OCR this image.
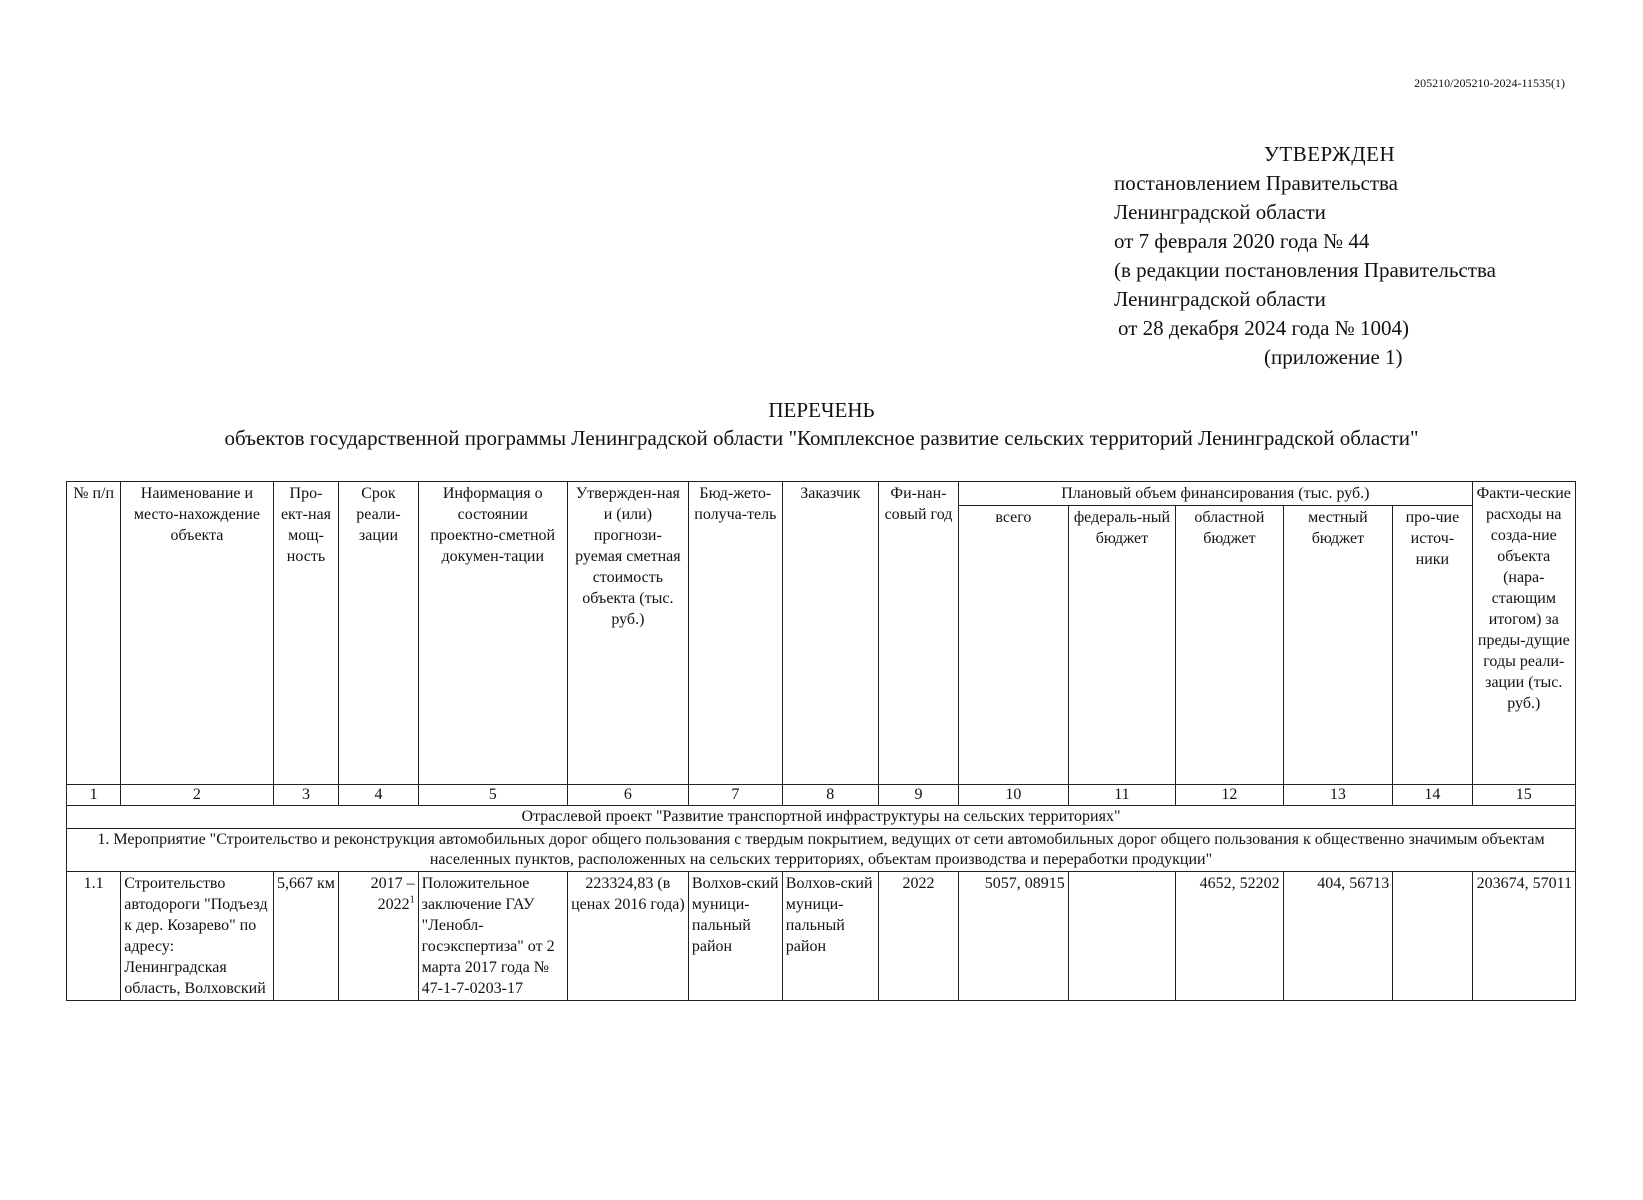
205210/205210-2024-11535(1)
УТВЕРЖДЕН
постановлением Правительства
Ленинградской области
от 7 февраля 2020 года № 44
(в редакции постановления Правительства
Ленинградской области
от 28 декабря 2024 года № 1004)
(приложение 1)
ПЕРЕЧЕНЬ
объектов государственной программы Ленинградской области "Комплексное развитие сельских территорий Ленинградской области"
№ п/п	Наименование и место-нахождение объекта	Про-ект-ная мощ-ность	Срок реали-зации	Информация о состоянии проектно-сметной докумен-тации	Утвержден-ная и (или) прогнози-руемая сметная стоимость объекта (тыс. руб.)	Бюд-жето-получа-тель	Заказчик	Фи-нан-совый год	Плановый объем финансирования (тыс. руб.)					Факти-ческие расходы на созда-ние объекта (нара-стающим итогом) за преды-дущие годы реали-зации (тыс. руб.)
									всего	федераль-ный бюджет	областной бюджет	местный бюджет	про-чие источ-ники	
1	2	3	4	5	6	7	8	9	10	11	12	13	14	15
Отраслевой проект "Развитие транспортной инфраструктуры на сельских территориях"														
1. Мероприятие "Строительство и реконструкция автомобильных дорог общего пользования с твердым покрытием, ведущих от сети автомобильных дорог общего пользования к общественно значимым объектам населенных пунктов, расположенных на сельских территориях, объектам производства и переработки продукции"														
1.1	Строительство автодороги "Подъезд к дер. Козарево" по адресу: Ленинградская область, Волховский	5,667 км	2017 – 2022$^1$	Положительное заключение ГАУ "Ленобл-госэкспертиза" от 2 марта 2017 года № 47-1-7-0203-17	223324,83 (в ценах 2016 года)	Волхов-ский муници-пальный район	Волхов-ский муници-пальный район	2022	5057, 08915		4652, 52202	404, 56713		203674, 57011
